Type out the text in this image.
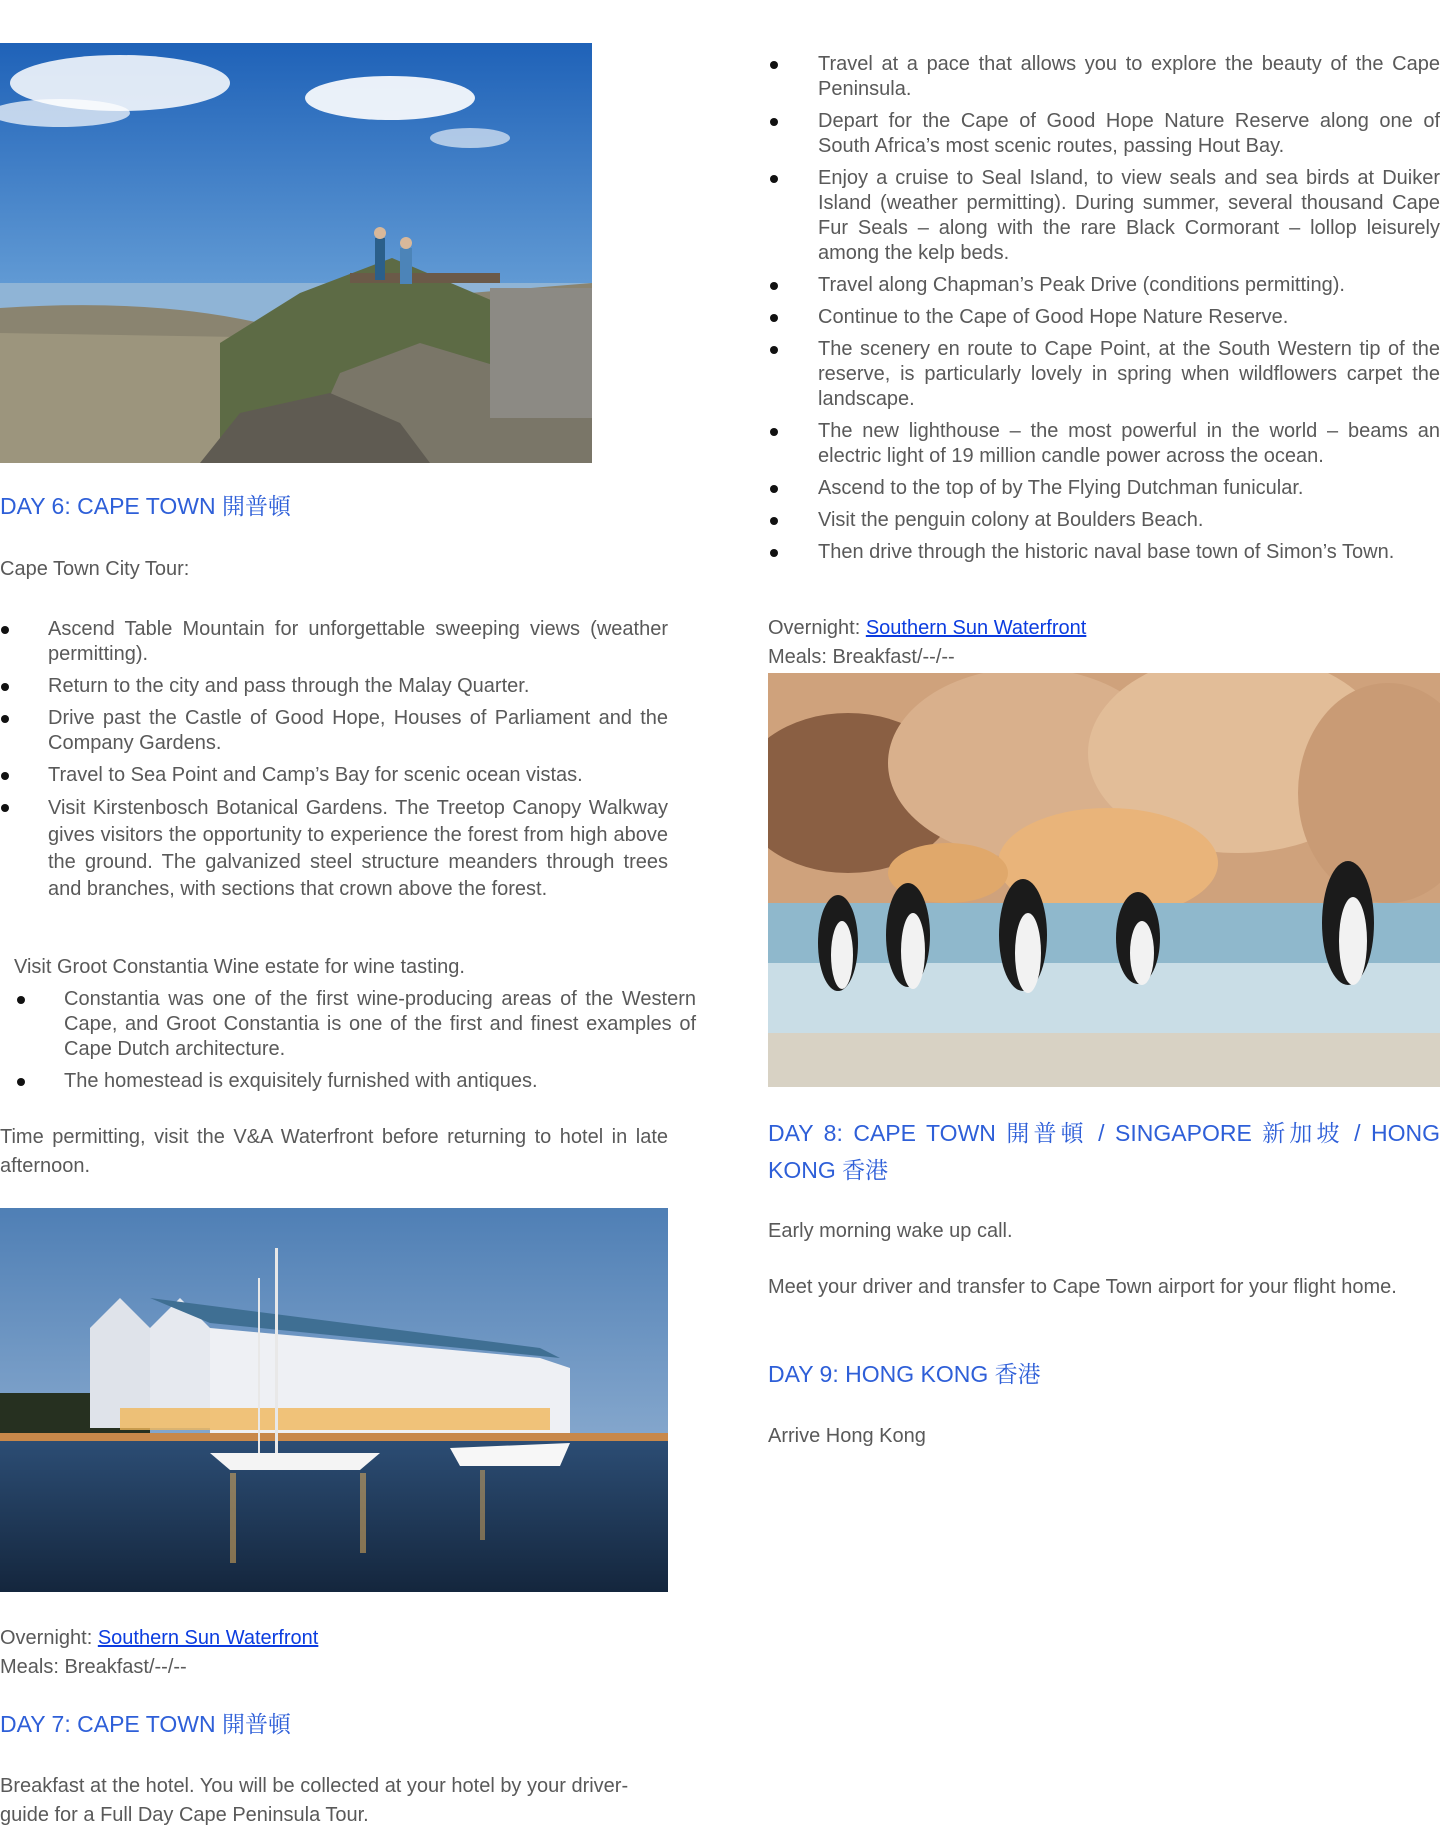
DAY 6: CAPE TOWN 開普頓

Cape Town City Tour:

Ascend Table Mountain for unforgettable sweeping views (weather permitting).
Return to the city and pass through the Malay Quarter.
Drive past the Castle of Good Hope, Houses of Parliament and the Company Gardens.
Travel to Sea Point and Camp’s Bay for scenic ocean vistas.
Visit Kirstenbosch Botanical Gardens. The Treetop Canopy Walkway gives visitors the opportunity to experience the forest from high above the ground. The galvanized steel structure meanders through trees and branches, with sections that crown above the forest.

Visit Groot Constantia Wine estate for wine tasting.

Constantia was one of the first wine-producing areas of the Western Cape, and Groot Constantia is one of the first and finest examples of Cape Dutch architecture.
The homestead is exquisitely furnished with antiques.

Time permitting, visit the V&A Waterfront before returning to hotel in late afternoon.

Overnight: Southern Sun Waterfront

Meals: Breakfast/--/--

DAY 7: CAPE TOWN 開普頓

Breakfast at the hotel. You will be collected at your hotel by your driver-guide for a Full Day Cape Peninsula Tour.

Travel at a pace that allows you to explore the beauty of the Cape Peninsula.
Depart for the Cape of Good Hope Nature Reserve along one of South Africa’s most scenic routes, passing Hout Bay.
Enjoy a cruise to Seal Island, to view seals and sea birds at Duiker Island (weather permitting). During summer, several thousand Cape Fur Seals – along with the rare Black Cormorant – lollop leisurely among the kelp beds.
Travel along Chapman’s Peak Drive (conditions permitting).
Continue to the Cape of Good Hope Nature Reserve.
The scenery en route to Cape Point, at the South Western tip of the reserve, is particularly lovely in spring when wildflowers carpet the landscape.
The new lighthouse – the most powerful in the world – beams an electric light of 19 million candle power across the ocean.
Ascend to the top of by The Flying Dutchman funicular.
Visit the penguin colony at Boulders Beach.
Then drive through the historic naval base town of Simon’s Town.

Overnight: Southern Sun Waterfront

Meals: Breakfast/--/--

DAY 8: CAPE TOWN 開普頓 / SINGAPORE 新加坡 / HONG KONG 香港

Early morning wake up call.

Meet your driver and transfer to Cape Town airport for your flight home.

DAY 9: HONG KONG 香港

Arrive Hong Kong
